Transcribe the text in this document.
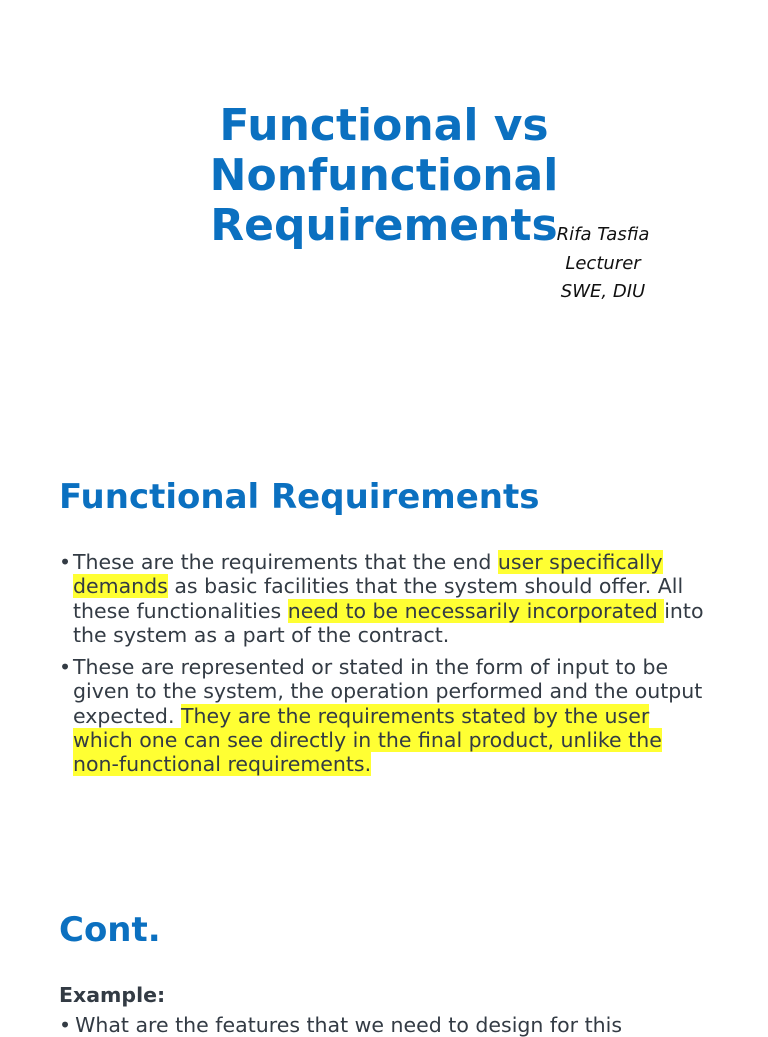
Functional vs
Nonfunctional
Requirements
Rifa Tasfia
Lecturer
SWE, DIU
Functional Requirements
• These are the requirements that the end user specifically demands as basic facilities that the system should offer. All these functionalities need to be necessarily incorporated into the system as a part of the contract.
• These are represented or stated in the form of input to be given to the system, the operation performed and the output expected. They are the requirements stated by the user which one can see directly in the final product, unlike the non-functional requirements.
Cont.
Example:
• What are the features that we need to design for this
